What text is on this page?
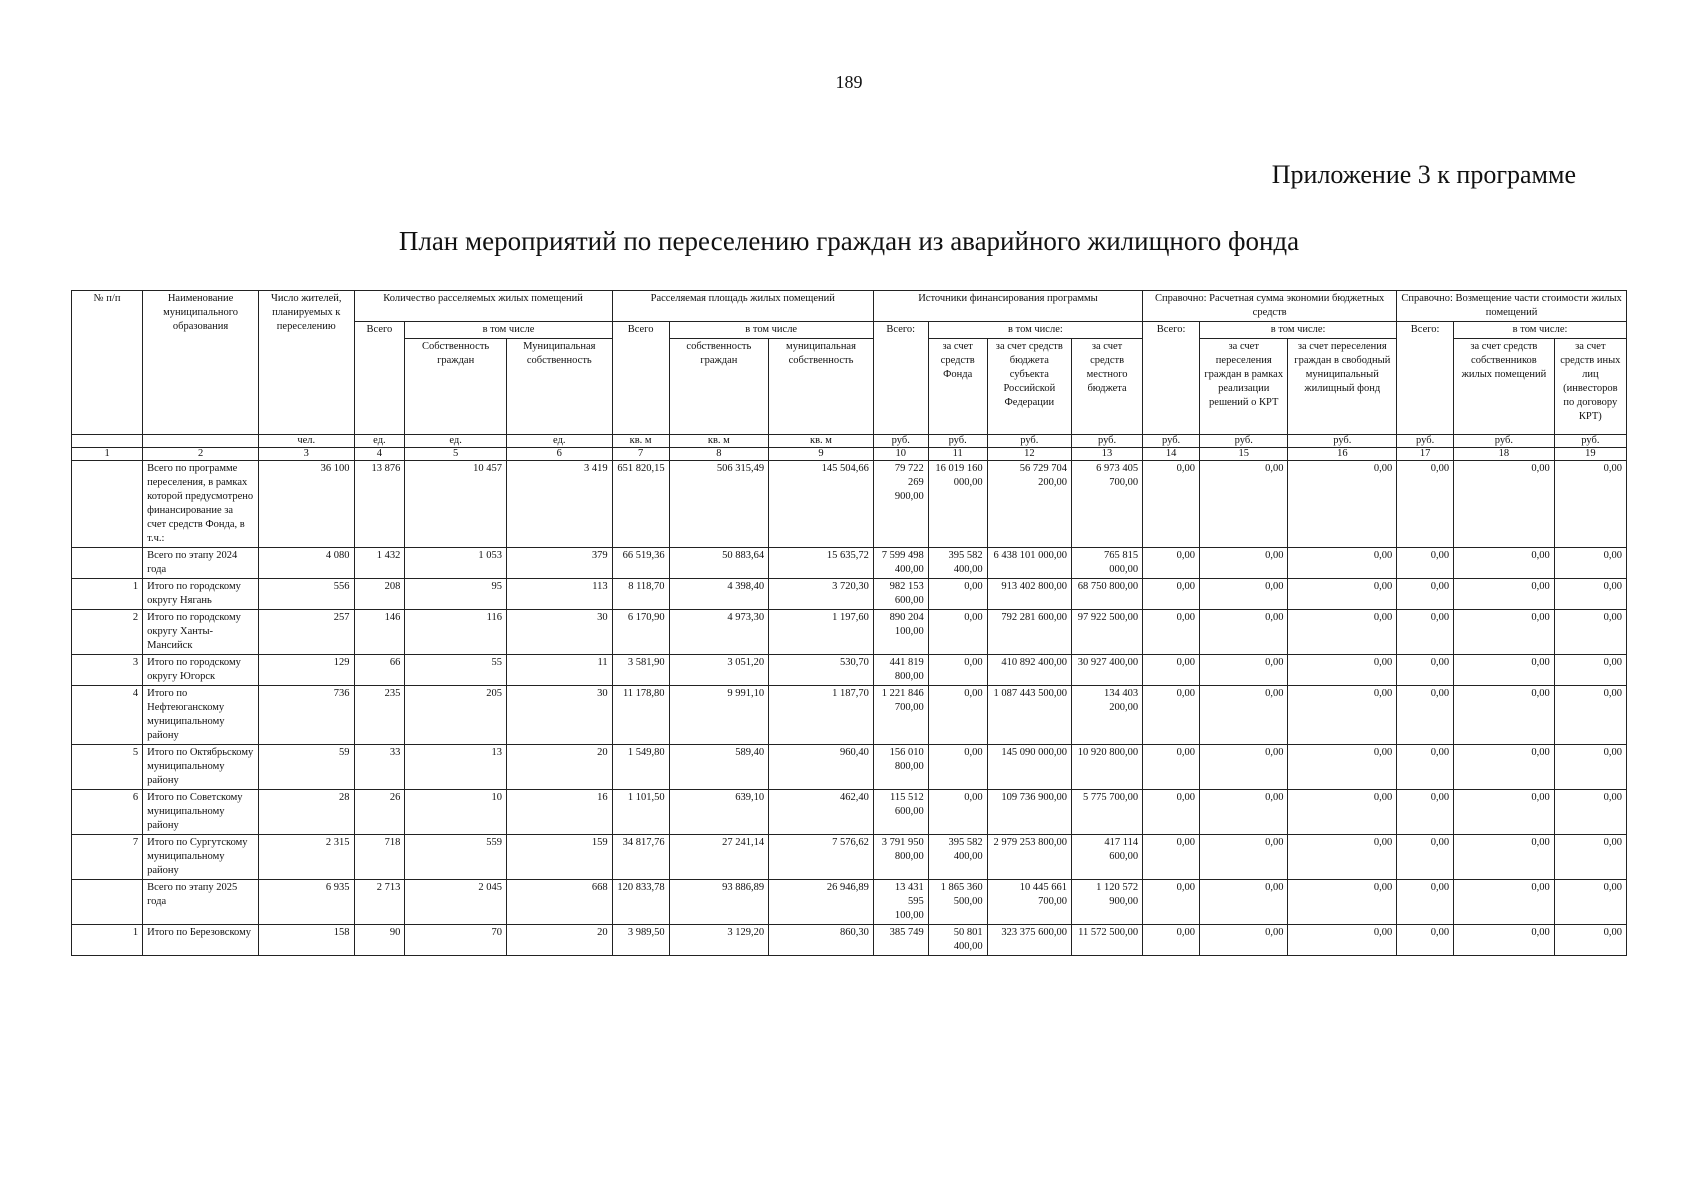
189
Приложение 3 к программе
План мероприятий по переселению граждан из аварийного жилищного фонда
№ п/п	Наименование муниципального образования	Число жителей, планируемых к переселению	Количество расселяемых жилых помещений			Расселяемая площадь жилых помещений			Источники финансирования программы				Справочно: Расчетная сумма экономии бюджетных средств			Справочно: Возмещение части стоимости жилых помещений		
			Всего	в том числе		Всего	в том числе		Всего:	в том числе:			Всего:	в том числе:		Всего:	в том числе:	
				Собственность граждан	Муниципальная собственность		собственность граждан	муниципальная собственность		за счет средств Фонда	за счет средств бюджета субъекта Российской Федерации	за счет средств местного бюджета		за счет переселения граждан в рамках реализации решений о КРТ	за счет переселения граждан в свободный муниципальный жилищный фонд		за счет средств собственников жилых помещений	за счет средств иных лиц (инвесторов по договору КРТ)
		чел.	ед.	ед.	ед.	кв. м	кв. м	кв. м	руб.	руб.	руб.	руб.	руб.	руб.	руб.	руб.	руб.	руб.
1	2	3	4	5	6	7	8	9	10	11	12	13	14	15	16	17	18	19
	Всего по программе переселения, в рамках которой предусмотрено финансирование за счет средств Фонда, в т.ч.:	36 100	13 876	10 457	3 419	651 820,15	506 315,49	145 504,66	79 722 269 900,00	16 019 160 000,00	56 729 704 200,00	6 973 405 700,00	0,00	0,00	0,00	0,00	0,00	0,00
	Всего по этапу 2024 года	4 080	1 432	1 053	379	66 519,36	50 883,64	15 635,72	7 599 498 400,00	395 582 400,00	6 438 101 000,00	765 815 000,00	0,00	0,00	0,00	0,00	0,00	0,00
1	Итого по городскому округу Нягань	556	208	95	113	8 118,70	4 398,40	3 720,30	982 153 600,00	0,00	913 402 800,00	68 750 800,00	0,00	0,00	0,00	0,00	0,00	0,00
2	Итого по городскому округу Ханты-Мансийск	257	146	116	30	6 170,90	4 973,30	1 197,60	890 204 100,00	0,00	792 281 600,00	97 922 500,00	0,00	0,00	0,00	0,00	0,00	0,00
3	Итого по городскому округу Югорск	129	66	55	11	3 581,90	3 051,20	530,70	441 819 800,00	0,00	410 892 400,00	30 927 400,00	0,00	0,00	0,00	0,00	0,00	0,00
4	Итого по Нефтеюганскому муниципальному району	736	235	205	30	11 178,80	9 991,10	1 187,70	1 221 846 700,00	0,00	1 087 443 500,00	134 403 200,00	0,00	0,00	0,00	0,00	0,00	0,00
5	Итого по Октябрьскому муниципальному району	59	33	13	20	1 549,80	589,40	960,40	156 010 800,00	0,00	145 090 000,00	10 920 800,00	0,00	0,00	0,00	0,00	0,00	0,00
6	Итого по Советскому муниципальному району	28	26	10	16	1 101,50	639,10	462,40	115 512 600,00	0,00	109 736 900,00	5 775 700,00	0,00	0,00	0,00	0,00	0,00	0,00
7	Итого по Сургутскому муниципальному району	2 315	718	559	159	34 817,76	27 241,14	7 576,62	3 791 950 800,00	395 582 400,00	2 979 253 800,00	417 114 600,00	0,00	0,00	0,00	0,00	0,00	0,00
	Всего по этапу 2025 года	6 935	2 713	2 045	668	120 833,78	93 886,89	26 946,89	13 431 595 100,00	1 865 360 500,00	10 445 661 700,00	1 120 572 900,00	0,00	0,00	0,00	0,00	0,00	0,00
1	Итого по Березовскому	158	90	70	20	3 989,50	3 129,20	860,30	385 749	50 801 400,00	323 375 600,00	11 572 500,00	0,00	0,00	0,00	0,00	0,00	0,00
